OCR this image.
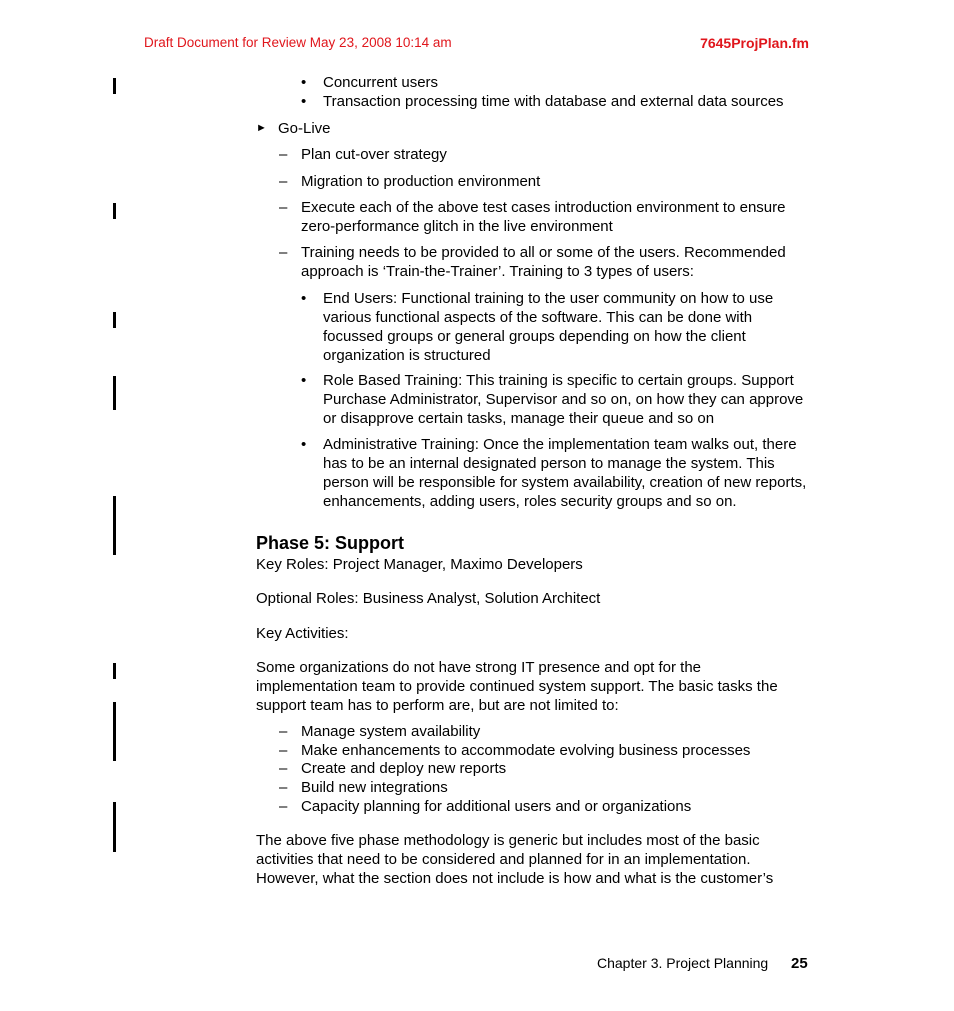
Draft Document for Review May 23, 2008 10:14 am	7645ProjPlan.fm
• Concurrent users
• Transaction processing time with database and external data sources
► Go-Live
– Plan cut-over strategy
– Migration to production environment
– Execute each of the above test cases introduction environment to ensure zero-performance glitch in the live environment
– Training needs to be provided to all or some of the users. Recommended approach is ‘Train-the-Trainer’. Training to 3 types of users:
• End Users: Functional training to the user community on how to use various functional aspects of the software. This can be done with focussed groups or general groups depending on how the client organization is structured
• Role Based Training: This training is specific to certain groups. Support Purchase Administrator, Supervisor and so on, on how they can approve or disapprove certain tasks, manage their queue and so on
• Administrative Training: Once the implementation team walks out, there has to be an internal designated person to manage the system. This person will be responsible for system availability, creation of new reports, enhancements, adding users, roles security groups and so on.
Phase 5: Support
Key Roles: Project Manager, Maximo Developers
Optional Roles: Business Analyst, Solution Architect
Key Activities:
Some organizations do not have strong IT presence and opt for the implementation team to provide continued system support. The basic tasks the support team has to perform are, but are not limited to:
– Manage system availability
– Make enhancements to accommodate evolving business processes
– Create and deploy new reports
– Build new integrations
– Capacity planning for additional users and or organizations
The above five phase methodology is generic but includes most of the basic activities that need to be considered and planned for in an implementation. However, what the section does not include is how and what is the customer’s
Chapter 3. Project Planning 25
